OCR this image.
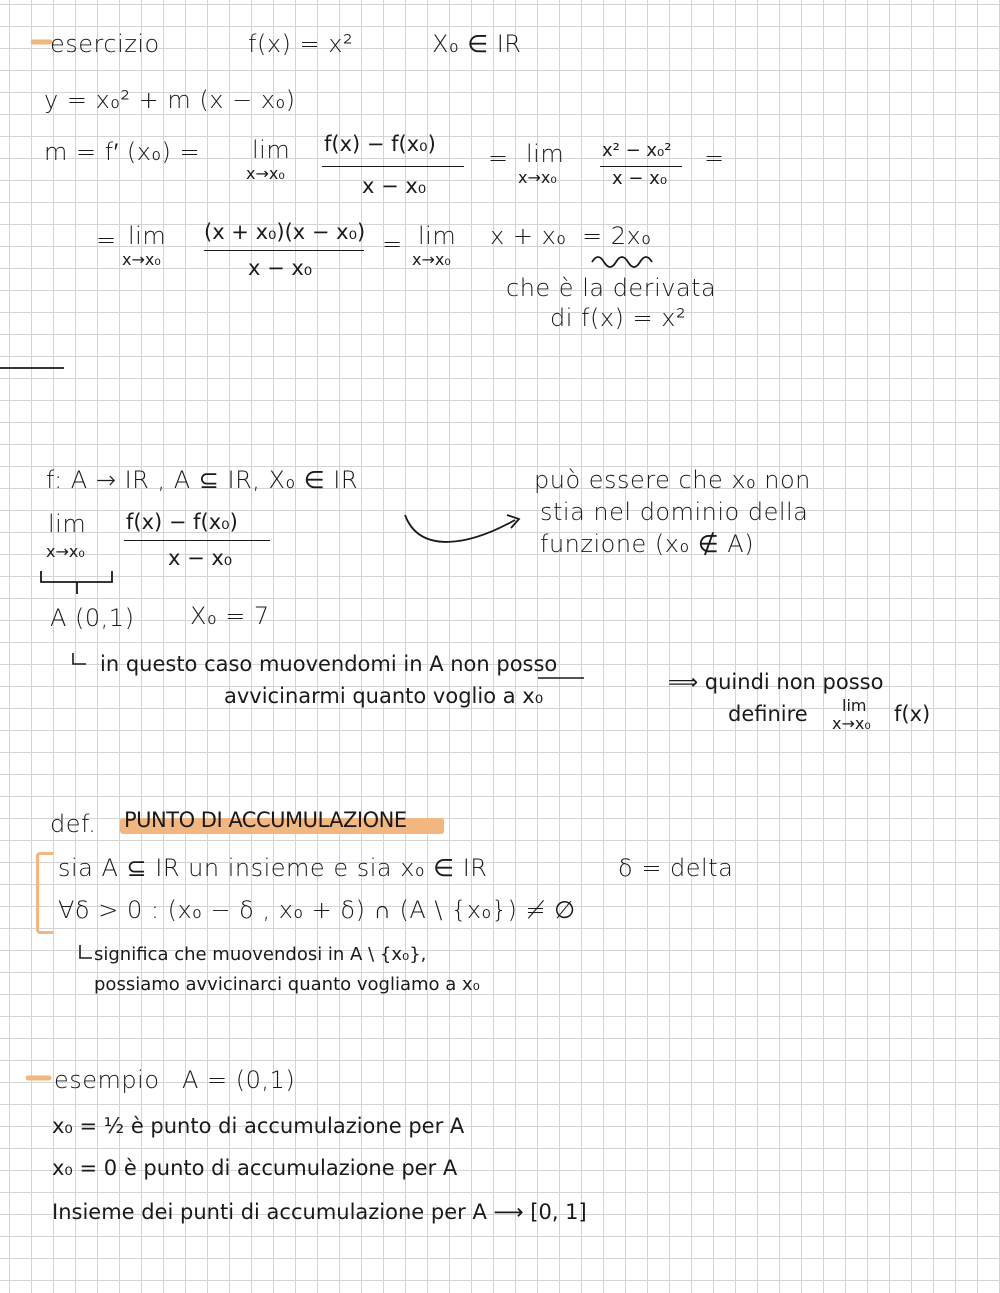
esercizio	f(x) = x²	X₀ ∈ IR
y = x₀² + m (x − x₀)
m = f′ (x₀) = lim
x→x₀
f(x) − f(x₀)
x − x₀
= lim
x→x₀
x² − x₀²
x − x₀
=
= lim
x→x₀
(x + x₀)(x − x₀)
x − x₀
= lim
x→x₀
x + x₀ = 2x₀
che è la derivata
di f(x) = x²
f: A → IR , A ⊆ IR, X₀ ∈ IR
lim
x→x₀
f(x) − f(x₀)
x − x₀
può essere che x₀ non
stia nel dominio della
funzione (x₀ ∉ A)
A (0,1) X₀ = 7
in questo caso muovendomi in A non posso
avvicinarmi quanto voglio a x₀
⟹ quindi non posso
definire lim
x→x₀ f(x)
def. PUNTO DI ACCUMULAZIONE
sia A ⊆ IR un insieme e sia x₀ ∈ IR	δ = delta
∀δ > 0 : (x₀ − δ , x₀ + δ) ∩ (A \ {x₀}) ≠ ∅
significa che muovendosi in A \ {x₀},
possiamo avvicinarci quanto vogliamo a x₀
esempio A = (0,1)
x₀ = ½ è punto di accumulazione per A
x₀ = 0 è punto di accumulazione per A
Insieme dei punti di accumulazione per A ⟶ [0, 1]
